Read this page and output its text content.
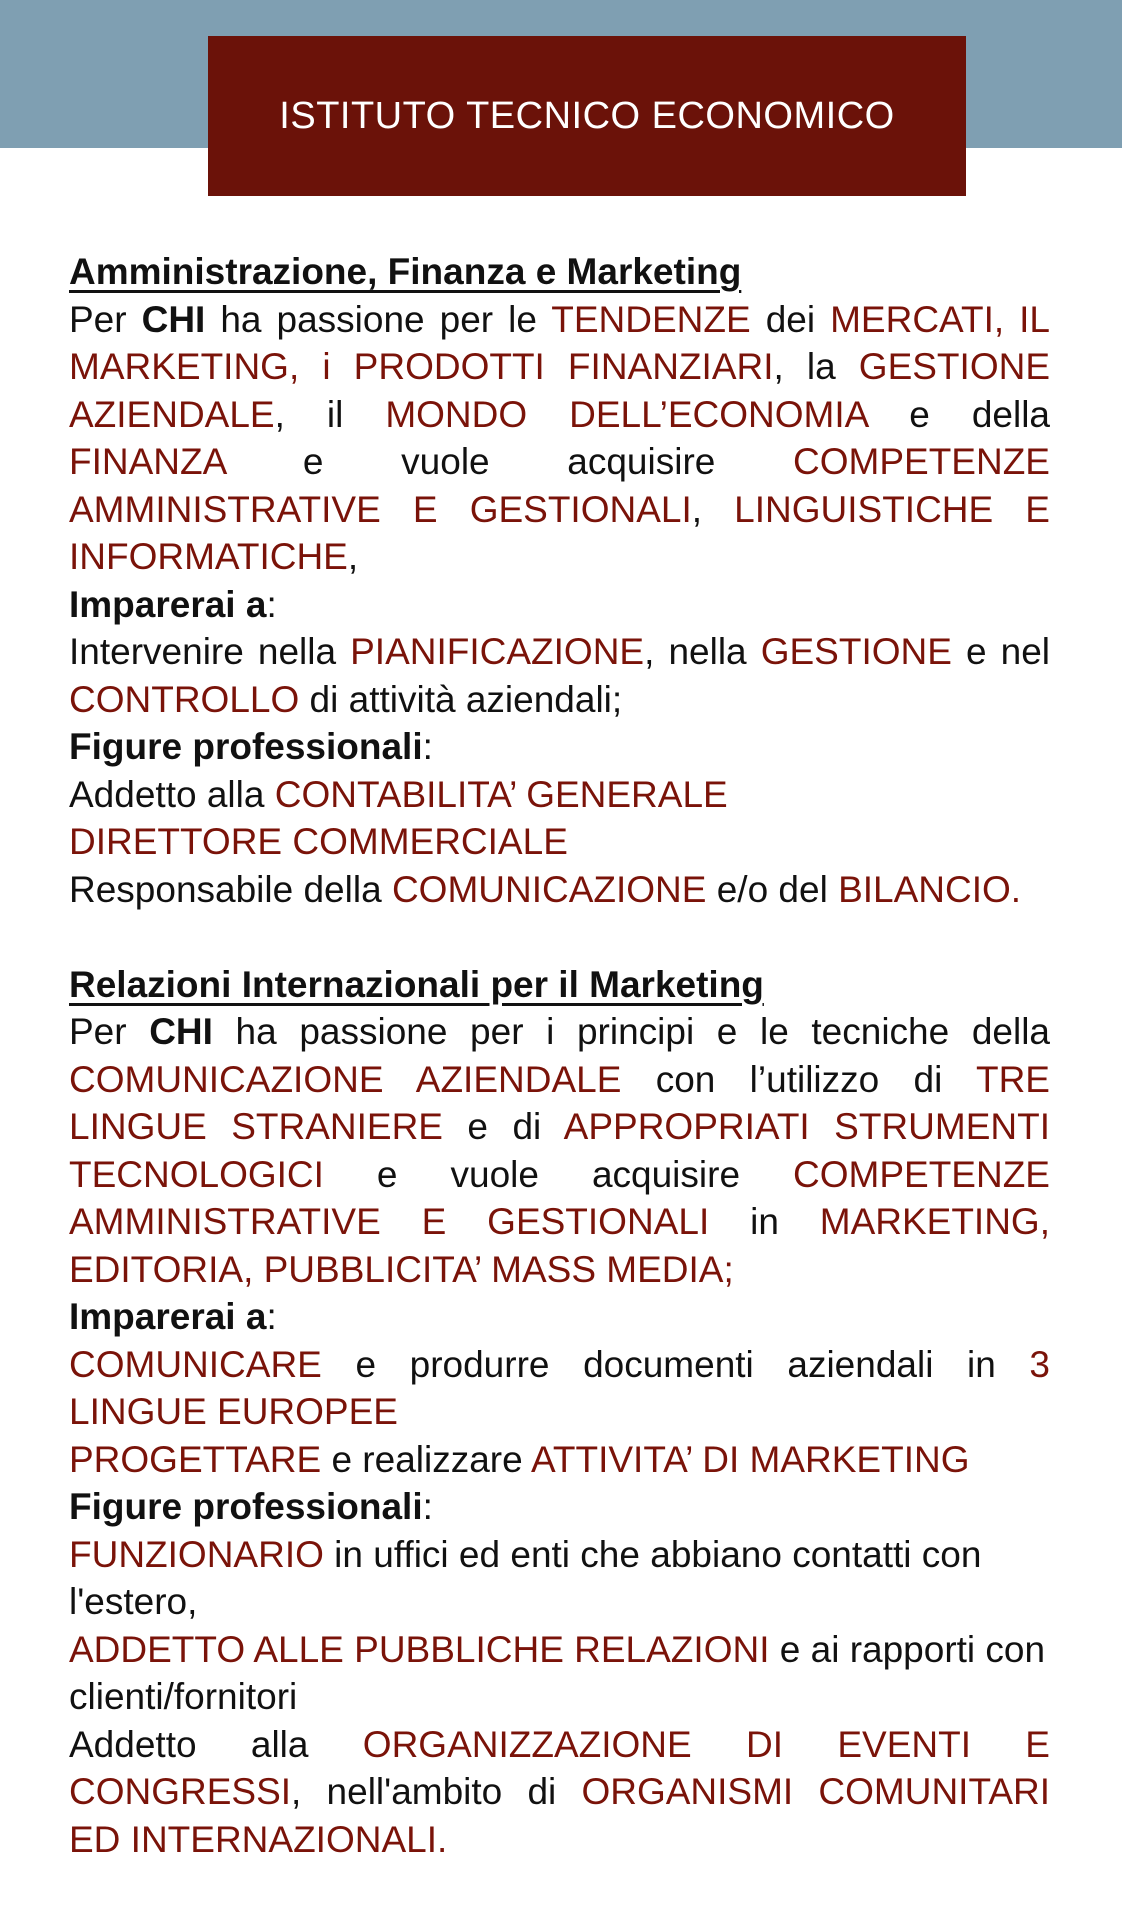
ISTITUTO TECNICO ECONOMICO
Amministrazione, Finanza e Marketing
Per CHI ha passione per le TENDENZE dei MERCATI, IL MARKETING, i PRODOTTI FINANZIARI, la GESTIONE AZIENDALE, il MONDO DELL’ECONOMIA e della FINANZA e vuole acquisire COMPETENZE AMMINISTRATIVE E GESTIONALI, LINGUISTICHE E INFORMATICHE,
Imparerai a:
Intervenire nella PIANIFICAZIONE, nella GESTIONE e nel CONTROLLO di attività aziendali;
Figure professionali:
Addetto alla CONTABILITA’ GENERALE
DIRETTORE COMMERCIALE
Responsabile della COMUNICAZIONE e/o del BILANCIO.
Relazioni Internazionali per il Marketing
Per CHI ha passione per i principi e le tecniche della COMUNICAZIONE AZIENDALE con l’utilizzo di TRE LINGUE STRANIERE e di APPROPRIATI STRUMENTI TECNOLOGICI e vuole acquisire COMPETENZE AMMINISTRATIVE E GESTIONALI in MARKETING, EDITORIA, PUBBLICITA’ MASS MEDIA;
Imparerai a:
COMUNICARE e produrre documenti aziendali in 3 LINGUE EUROPEE
PROGETTARE e realizzare ATTIVITA’ DI MARKETING
Figure professionali:
FUNZIONARIO in uffici ed enti che abbiano contatti con l'estero,
ADDETTO ALLE PUBBLICHE RELAZIONI e ai rapporti con clienti/fornitori
Addetto alla ORGANIZZAZIONE DI EVENTI E CONGRESSI, nell'ambito di ORGANISMI COMUNITARI ED INTERNAZIONALI.
